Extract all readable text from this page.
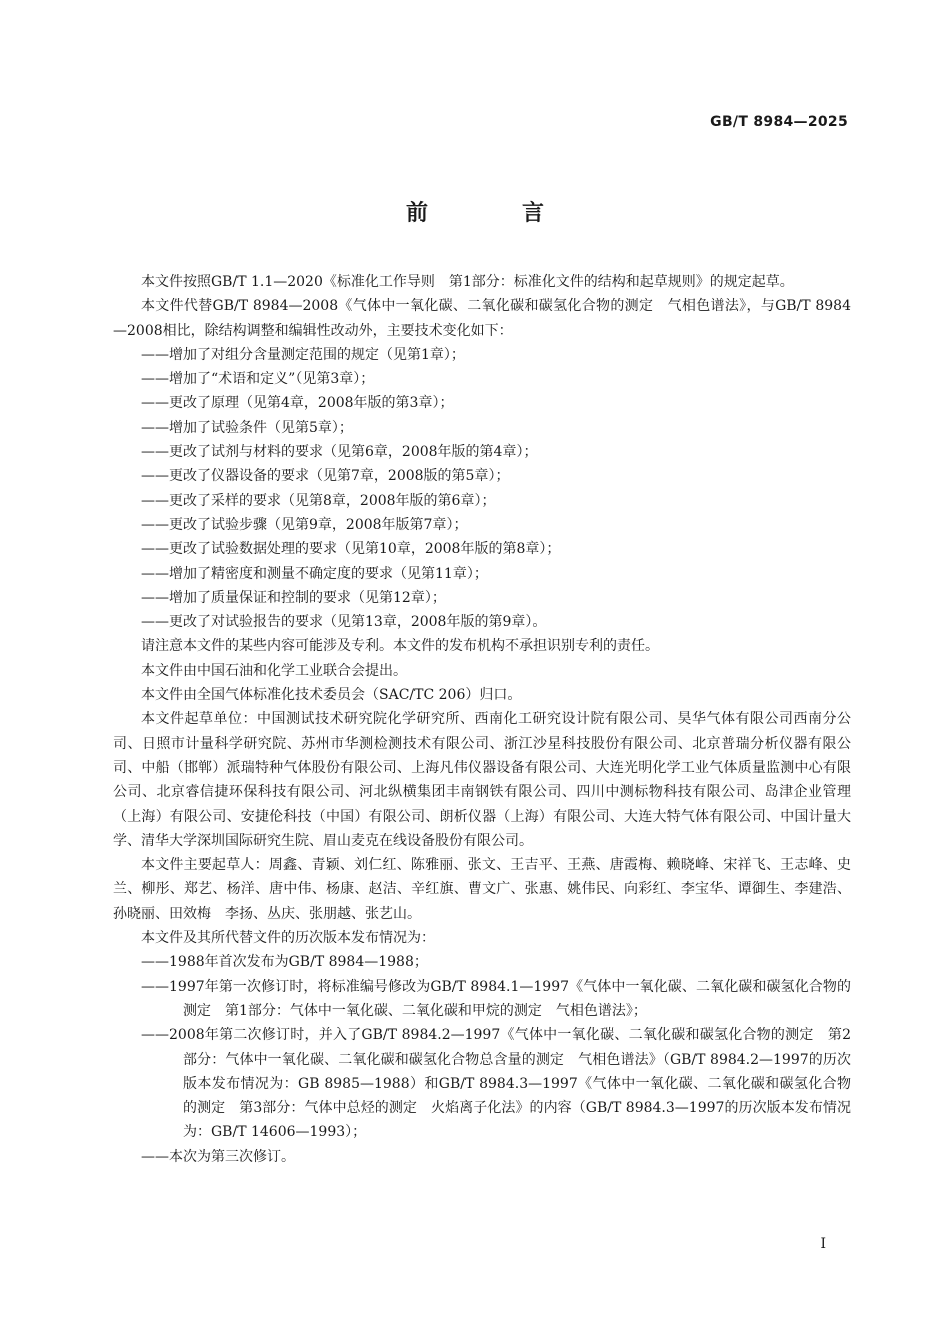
GB/T 8984—2025
前　言

本文件按照GB/T 1.1—2020《标准化工作导则　第1部分：标准化文件的结构和起草规则》的规定起草。

本文件代替GB/T 8984—2008《气体中一氧化碳、二氧化碳和碳氢化合物的测定　气相色谱法》，与GB/T 8984—2008相比，除结构调整和编辑性改动外，主要技术变化如下：

——增加了对组分含量测定范围的规定（见第1章）；

——增加了“术语和定义”（见第3章）；

——更改了原理（见第4章，2008年版的第3章）；

——增加了试验条件（见第5章）；

——更改了试剂与材料的要求（见第6章，2008年版的第4章）；

——更改了仪器设备的要求（见第7章，2008版的第5章）；

——更改了采样的要求（见第8章，2008年版的第6章）；

——更改了试验步骤（见第9章，2008年版第7章）；

——更改了试验数据处理的要求（见第10章，2008年版的第8章）；

——增加了精密度和测量不确定度的要求（见第11章）；

——增加了质量保证和控制的要求（见第12章）；

——更改了对试验报告的要求（见第13章，2008年版的第9章）。

请注意本文件的某些内容可能涉及专利。本文件的发布机构不承担识别专利的责任。

本文件由中国石油和化学工业联合会提出。

本文件由全国气体标准化技术委员会（SAC/TC 206）归口。

本文件起草单位：中国测试技术研究院化学研究所、西南化工研究设计院有限公司、昊华气体有限公司西南分公司、日照市计量科学研究院、苏州市华测检测技术有限公司、浙江沙星科技股份有限公司、北京普瑞分析仪器有限公司、中船（邯郸）派瑞特种气体股份有限公司、上海凡伟仪器设备有限公司、大连光明化学工业气体质量监测中心有限公司、北京睿信捷环保科技有限公司、河北纵横集团丰南钢铁有限公司、四川中测标物科技有限公司、岛津企业管理（上海）有限公司、安捷伦科技（中国）有限公司、朗析仪器（上海）有限公司、大连大特气体有限公司、中国计量大学、清华大学深圳国际研究生院、眉山麦克在线设备股份有限公司。

本文件主要起草人：周鑫、青颖、刘仁红、陈雅丽、张文、王吉平、王燕、唐霞梅、赖晓峰、宋祥飞、王志峰、史兰、柳彤、郑艺、杨洋、唐中伟、杨康、赵洁、辛红旗、曹文广、张惠、姚伟民、向彩红、李宝华、谭御生、李建浩、孙晓丽、田效梅　李扬、丛庆、张朋越、张艺山。

本文件及其所代替文件的历次版本发布情况为：

——1988年首次发布为GB/T 8984—1988；

——1997年第一次修订时，将标准编号修改为GB/T 8984.1—1997《气体中一氧化碳、二氧化碳和碳氢化合物的测定　第1部分：气体中一氧化碳、二氧化碳和甲烷的测定　气相色谱法》；

——2008年第二次修订时，并入了GB/T 8984.2—1997《气体中一氧化碳、二氧化碳和碳氢化合物的测定　第2部分：气体中一氧化碳、二氧化碳和碳氢化合物总含量的测定　气相色谱法》（GB/T 8984.2—1997的历次版本发布情况为：GB 8985—1988）和GB/T 8984.3—1997《气体中一氧化碳、二氧化碳和碳氢化合物的测定　第3部分：气体中总烃的测定　火焰离子化法》的内容（GB/T 8984.3—1997的历次版本发布情况为：GB/T 14606—1993）；

——本次为第三次修订。

I
